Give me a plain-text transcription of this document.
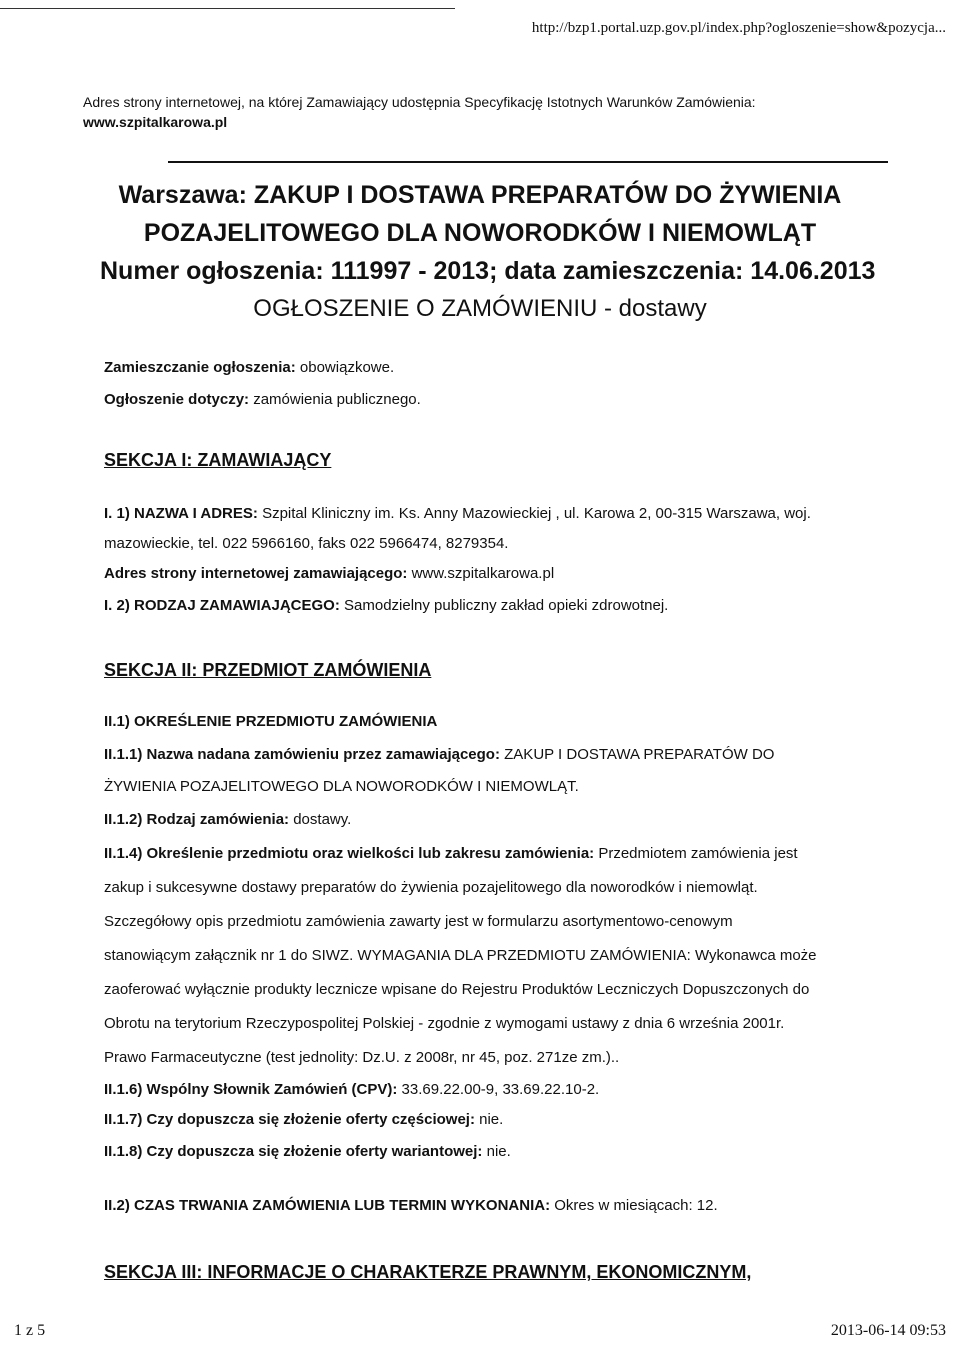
http://bzp1.portal.uzp.gov.pl/index.php?ogloszenie=show&pozycja...
Adres strony internetowej, na której Zamawiający udostępnia Specyfikację Istotnych Warunków Zamówienia:
www.szpitalkarowa.pl
Warszawa: ZAKUP I DOSTAWA PREPARATÓW DO ŻYWIENIA
POZAJELITOWEGO DLA NOWORODKÓW I NIEMOWLĄT
Numer ogłoszenia: 111997 - 2013; data zamieszczenia: 14.06.2013
OGŁOSZENIE O ZAMÓWIENIU - dostawy
Zamieszczanie ogłoszenia: obowiązkowe.
Ogłoszenie dotyczy: zamówienia publicznego.
SEKCJA I: ZAMAWIAJĄCY
I. 1) NAZWA I ADRES: Szpital Kliniczny im. Ks. Anny Mazowieckiej , ul. Karowa 2, 00-315 Warszawa, woj.
mazowieckie, tel. 022 5966160, faks 022 5966474, 8279354.
Adres strony internetowej zamawiającego: www.szpitalkarowa.pl
I. 2) RODZAJ ZAMAWIAJĄCEGO: Samodzielny publiczny zakład opieki zdrowotnej.
SEKCJA II: PRZEDMIOT ZAMÓWIENIA
II.1) OKREŚLENIE PRZEDMIOTU ZAMÓWIENIA
II.1.1) Nazwa nadana zamówieniu przez zamawiającego: ZAKUP I DOSTAWA PREPARATÓW DO
ŻYWIENIA POZAJELITOWEGO DLA NOWORODKÓW I NIEMOWLĄT.
II.1.2) Rodzaj zamówienia: dostawy.
II.1.4) Określenie przedmiotu oraz wielkości lub zakresu zamówienia: Przedmiotem zamówienia jest
zakup i sukcesywne dostawy preparatów do żywienia pozajelitowego dla noworodków i niemowląt.
Szczegółowy opis przedmiotu zamówienia zawarty jest w formularzu asortymentowo-cenowym
stanowiącym załącznik nr 1 do SIWZ. WYMAGANIA DLA PRZEDMIOTU ZAMÓWIENIA: Wykonawca może
zaoferować wyłącznie produkty lecznicze wpisane do Rejestru Produktów Leczniczych Dopuszczonych do
Obrotu na terytorium Rzeczypospolitej Polskiej - zgodnie z wymogami ustawy z dnia 6 września 2001r.
Prawo Farmaceutyczne (test jednolity: Dz.U. z 2008r, nr 45, poz. 271ze zm.)..
II.1.6) Wspólny Słownik Zamówień (CPV): 33.69.22.00-9, 33.69.22.10-2.
II.1.7) Czy dopuszcza się złożenie oferty częściowej: nie.
II.1.8) Czy dopuszcza się złożenie oferty wariantowej: nie.
II.2) CZAS TRWANIA ZAMÓWIENIA LUB TERMIN WYKONANIA: Okres w miesiącach: 12.
SEKCJA III: INFORMACJE O CHARAKTERZE PRAWNYM, EKONOMICZNYM,
1 z 5	2013-06-14 09:53
